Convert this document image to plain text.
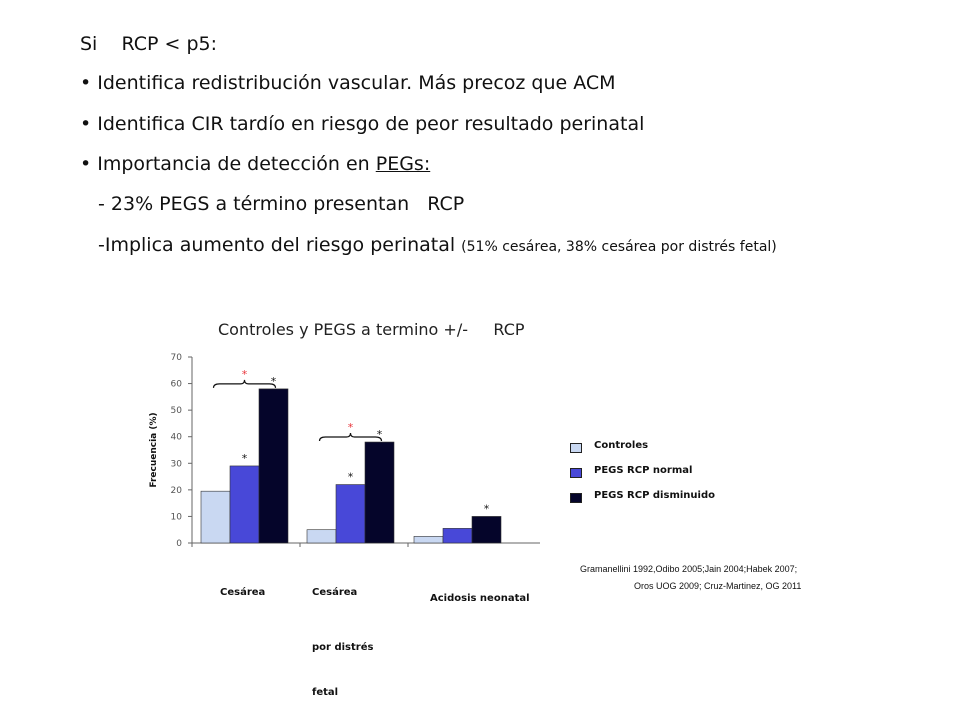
Si RCP < p5:
• Identifica redistribución vascular. Más precoz que ACM
• Identifica CIR tardío en riesgo de peor resultado perinatal
• Importancia de detección en PEGs:
- 23% PEGS a término presentan RCP
-Implica aumento del riesgo perinatal (51% cesárea, 38% cesárea por distrés fetal)
Controles y PEGS a termino +/-     RCP
0
10
20
30
40
50
60
70
Frecuencia (%)	*
*
*
*
*
*
*
Controles
PEGS RCP normal
PEGS RCP disminuido

Cesárea

	Cesárea

por distrés

fetal

Acidosis neonatal

Gramanellini 1992,Odibo 2005;Jain 2004;Habek 2007;
Oros UOG 2009; Cruz-Martinez, OG 2011
